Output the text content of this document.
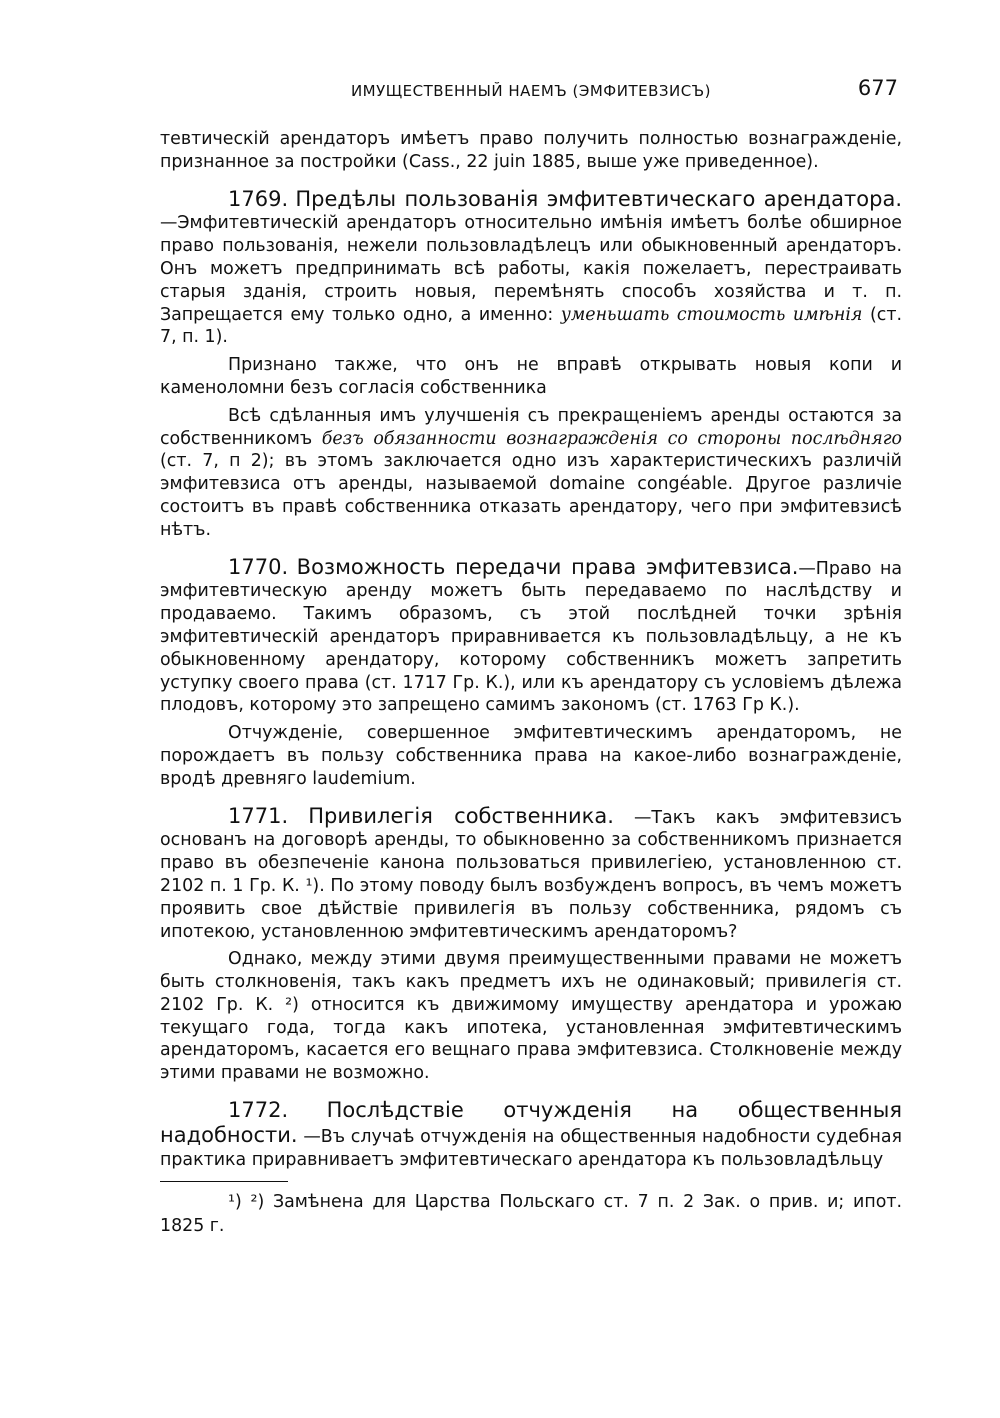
ИМУЩЕСТВЕННЫЙ НАЕМЪ (ЭМФИТЕВЗИСЪ)	677

тевтическій арендаторъ имѣетъ право получить полностью вознагражденіе, признанное за постройки (Cass., 22 juin 1885, выше уже приведенное).

1769. Предѣлы пользованія эмфитевтическаго арендатора.—Эмфитевтическій арендаторъ относительно имѣнія имѣетъ болѣе обширное право пользованія, нежели пользовладѣлецъ или обыкновенный арендаторъ. Онъ можетъ предпринимать всѣ работы, какія пожелаетъ, перестраивать старыя зданія, строить новыя, перемѣнять способъ хозяйства и т. п. Запрещается ему только одно, а именно: уменьшать стоимость имѣнія (ст. 7, п. 1).

Признано также, что онъ не вправѣ открывать новыя копи и каменоломни безъ согласія собственника

Всѣ сдѣланныя имъ улучшенія съ прекращеніемъ аренды остаются за собственникомъ безъ обязанности вознагражденія со стороны послѣдняго (ст. 7, п 2); въ этомъ заключается одно изъ характеристическихъ различій эмфитевзиса отъ аренды, называемой domaine congéable. Другое различіе состоитъ въ правѣ собственника отказать арендатору, чего при эмфитевзисѣ нѣтъ.

1770. Возможность передачи права эмфитевзиса.—Право на эмфитевтическую аренду можетъ быть передаваемо по наслѣдству и продаваемо. Такимъ образомъ, съ этой послѣдней точки зрѣнія эмфитевтическій арендаторъ приравнивается къ пользовладѣльцу, а не къ обыкновенному арендатору, которому собственникъ можетъ запретить уступку своего права (ст. 1717 Гр. К.), или къ арендатору съ условіемъ дѣлежа плодовъ, которому это запрещено самимъ закономъ (ст. 1763 Гр К.).

Отчужденіе, совершенное эмфитевтическимъ арендаторомъ, не порождаетъ въ пользу собственника права на какое-либо вознагражденіе, вродѣ древняго laudemium.

1771. Привилегія собственника. —Такъ какъ эмфитевзисъ основанъ на договорѣ аренды, то обыкновенно за собственникомъ признается право въ обезпеченіе канона пользоваться привилегіею, установленною ст. 2102 п. 1 Гр. К. ¹). По этому поводу былъ возбужденъ вопросъ, въ чемъ можетъ проявить свое дѣйствіе привилегія въ пользу собственника, рядомъ съ ипотекою, установленною эмфитевтическимъ арендаторомъ?

Однако, между этими двумя преимущественными правами не можетъ быть столкновенія, такъ какъ предметъ ихъ не одинаковый; привилегія ст. 2102 Гр. К. ²) относится къ движимому имуществу арендатора и урожаю текущаго года, тогда какъ ипотека, установленная эмфитевтическимъ арендаторомъ, касается его вещнаго права эмфитевзиса. Столкновеніе между этими правами не возможно.

1772. Послѣдствіе отчужденія на общественныя надобности. —Въ случаѣ отчужденія на общественныя надобности судебная практика приравниваетъ эмфитевтическаго арендатора къ пользовладѣльцу

¹) ²) Замѣнена для Царства Польскаго ст. 7 п. 2 Зак. о прив. и; ипот. 1825 г.
